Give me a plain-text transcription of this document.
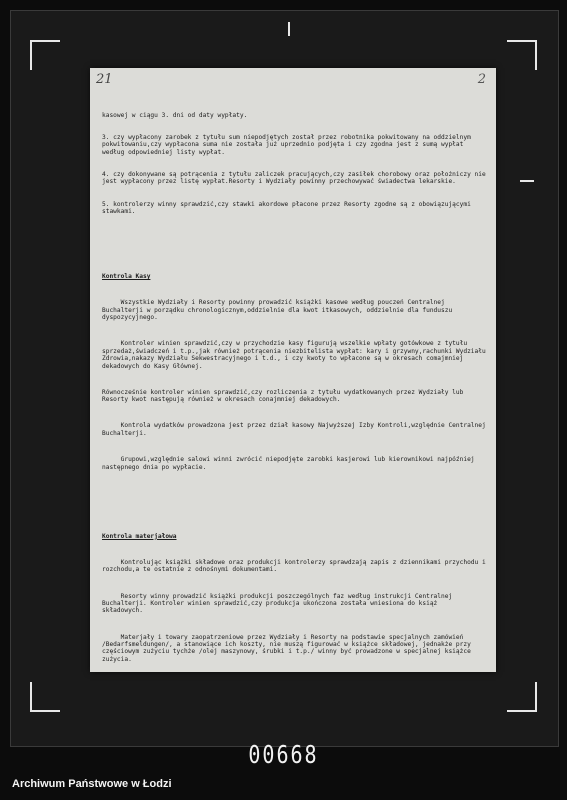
21	2

kasowej w ciągu 3. dni od daty wypłaty.

3. czy wypłacony zarobek z tytułu sum niepodjętych został przez robotnika pokwitowany na oddzielnym pokwitowaniu,czy wypłacona suma nie została już uprzednio podjęta i czy zgodna jest z sumą wypłat według odpowiedniej listy wypłat.

4. czy dokonywane są potrącenia z tytułu zaliczek pracujących,czy zasiłek chorobowy oraz położniczy nie jest wypłacony przez listę wypłat.Resorty i Wydziały powinny przechowywać świadectwa lekarskie.

5. kontrolerzy winny sprawdzić,czy stawki akordowe płacone przez Resorty zgodne są z obowiązującymi stawkami.

Kontrola Kasy

Wszystkie Wydziały i Resorty powinny prowadzić książki kasowe według pouczeń Centralnej Buchalterji w porządku chronologicznym,oddzielnie dla kwot itkasowych, oddzielnie dla funduszu dyspozycyjnego.

Kontroler winien sprawdzić,czy w przychodzie kasy figurują wszelkie wpłaty gotówkowe z tytułu sprzedaż,świadczeń i t.p.,jak również potrącenia niezbitelista wypłat: kary i grzywny,rachunki Wydziału Zdrowia,nakazy Wydziału Sekwestracyjnego i t.d., i czy kwoty to wpłacone są w okresach comajmniej dekadowych do Kasy Głównej.

Równocześnie kontroler winien sprawdzić,czy rozliczenia z tytułu wydatkowanych przez Wydziały lub Resorty kwot następują również w okresach conajmniej dekadowych.

Kontrola wydatków prowadzona jest przez dział kasowy Najwyższej Izby Kontroli,względnie Centralnej Buchalterji.

Grupowi,względnie salowi winni zwrócić niepodjęte zarobki kasjerowi lub kierownikowi najpóźniej następnego dnia po wypłacie.

Kontrola materjałowa

Kontrolując książki składowe oraz produkcji kontrolerzy sprawdzają zapis z dziennikami przychodu i rozchodu,a te ostatnie z odnośnymi dokumentami.

Resorty winny prowadzić książki produkcji poszczególnych faz według instrukcji Centralnej Buchalterji. Kontroler winien sprawdzić,czy produkcja ukończona została wniesiona do książ     składowych.

Materjały i towary zaopatrzeniowe przez Wydziały i Resorty na podstawie specjalnych zamówień /Bedarfsmeldungen/, a stanowiące ich koszty, nie muszą figurować w książce składowej, jednakże przy częściowym zużyciu tychże /olej maszynowy, śrubki i t.p./ winny być prowadzone w specjalnej książce zużycia.

00668
Archiwum Państwowe w Łodzi
